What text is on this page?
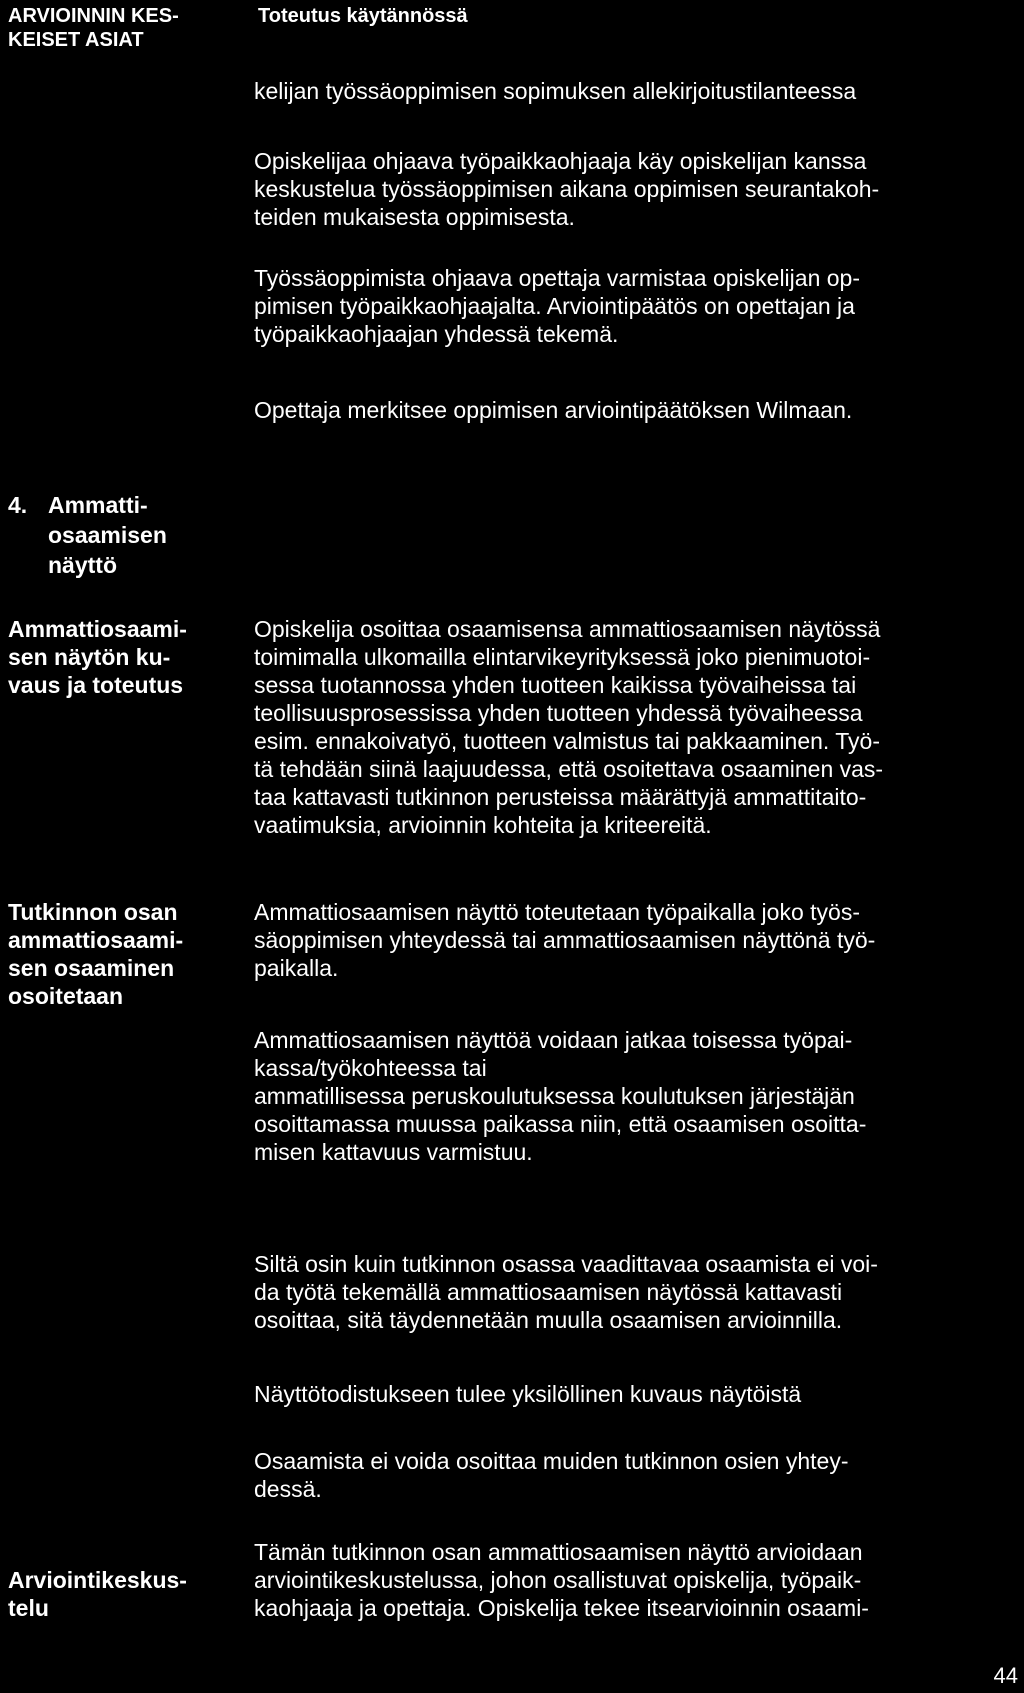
ARVIOINNIN KES-
KEISET ASIAT
Toteutus käytännössä
kelijan työssäoppimisen sopimuksen allekirjoitustilanteessa
Opiskelijaa ohjaava työpaikkaohjaaja käy opiskelijan kanssa
keskustelua työssäoppimisen aikana oppimisen seurantakoh-
teiden mukaisesta oppimisesta.
Työssäoppimista ohjaava opettaja varmistaa opiskelijan op-
pimisen työpaikkaohjaajalta. Arviointipäätös on opettajan ja
työpaikkaohjaajan yhdessä tekemä.
Opettaja merkitsee oppimisen arviointipäätöksen Wilmaan.
4. Ammatti-
osaamisen
näyttö
Ammattiosaami-
sen näytön ku-
vaus ja toteutus
Opiskelija osoittaa osaamisensa ammattiosaamisen näytössä
toimimalla ulkomailla elintarvikeyrityksessä joko pienimuotoi-
sessa tuotannossa yhden tuotteen kaikissa työvaiheissa tai
teollisuusprosessissa yhden tuotteen yhdessä työvaiheessa
esim. ennakoivatyö, tuotteen valmistus tai pakkaaminen. Työ-
tä tehdään siinä laajuudessa, että osoitettava osaaminen vas-
taa kattavasti tutkinnon perusteissa määrättyjä ammattitaito-
vaatimuksia, arvioinnin kohteita ja kriteereitä.
Tutkinnon osan
ammattiosaami-
sen osaaminen
osoitetaan
Ammattiosaamisen näyttö toteutetaan työpaikalla joko työs-
säoppimisen yhteydessä tai ammattiosaamisen näyttönä työ-
paikalla.
Ammattiosaamisen näyttöä voidaan jatkaa toisessa työpai-
kassa/työkohteessa tai
ammatillisessa peruskoulutuksessa koulutuksen järjestäjän
osoittamassa muussa paikassa niin, että osaamisen osoitta-
misen kattavuus varmistuu.
Siltä osin kuin tutkinnon osassa vaadittavaa osaamista ei voi-
da työtä tekemällä ammattiosaamisen näytössä kattavasti
osoittaa, sitä täydennetään muulla osaamisen arvioinnilla.
Näyttötodistukseen tulee yksilöllinen kuvaus näytöistä
Osaamista ei voida osoittaa muiden tutkinnon osien yhtey-
dessä.
Arviointikeskus-
telu
Tämän tutkinnon osan ammattiosaamisen näyttö arvioidaan
arviointikeskustelussa, johon osallistuvat opiskelija, työpaik-
kaohjaaja ja opettaja. Opiskelija tekee itsearvioinnin osaami-
44
